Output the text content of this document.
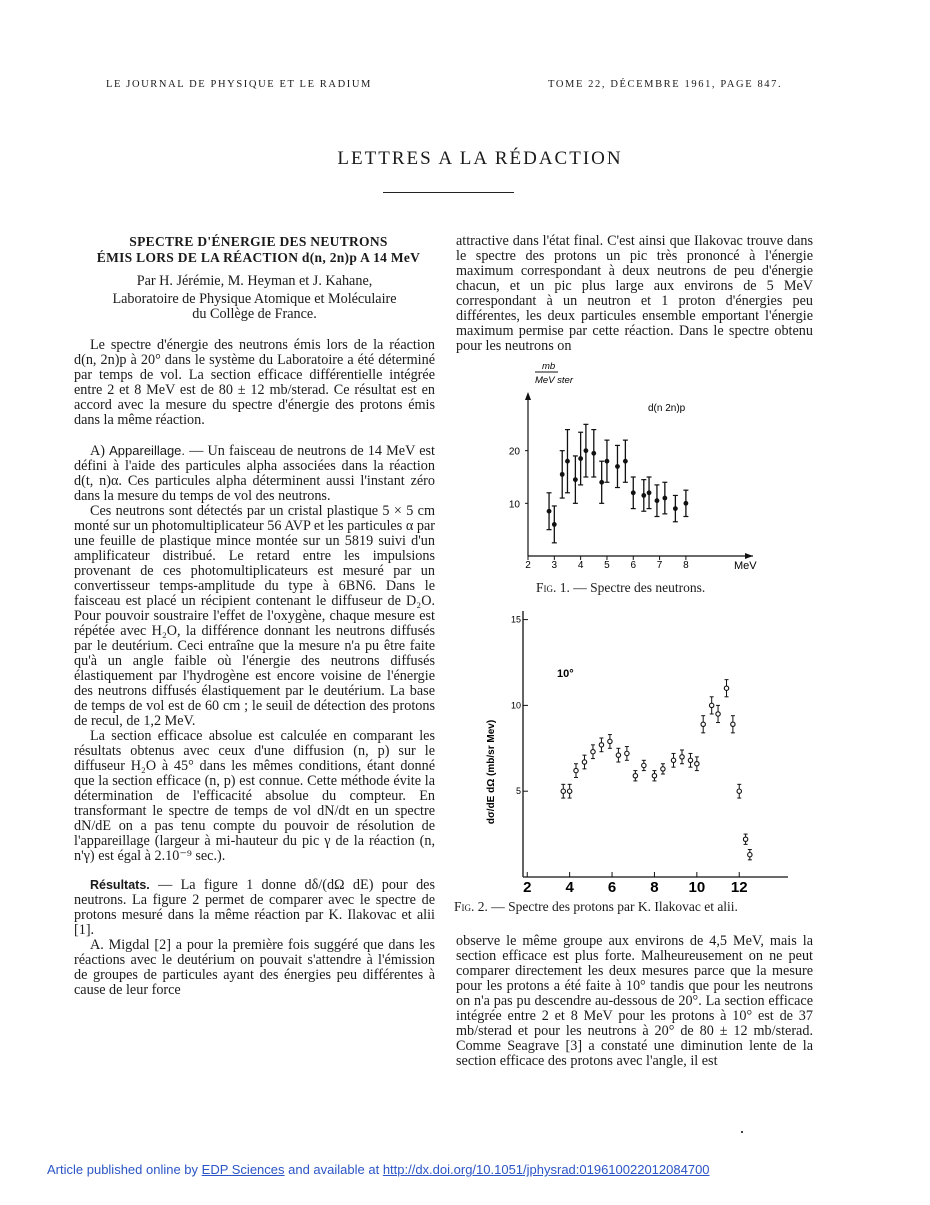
LE JOURNAL DE PHYSIQUE ET LE RADIUM	TOME 22, DÉCEMBRE 1961, PAGE 847.
LETTRES A LA RÉDACTION
SPECTRE D'ÉNERGIE DES NEUTRONS
ÉMIS LORS DE LA RÉACTION d(n, 2n)p A 14 MeV
Par H. Jérémie, M. Heyman et J. Kahane,
Laboratoire de Physique Atomique et Moléculaire
du Collège de France.
Le spectre d'énergie des neutrons émis lors de la réaction d(n, 2n)p à 20° dans le système du Laboratoire a été déterminé par temps de vol. La section efficace différentielle intégrée entre 2 et 8 MeV est de 80 ± 12 mb/sterad. Ce résultat est en accord avec la mesure du spectre d'énergie des protons émis dans la même réaction.
A) Appareillage. — Un faisceau de neutrons de 14 MeV est défini à l'aide des particules alpha associées dans la réaction d(t, n)α. Ces particules alpha déterminent aussi l'instant zéro dans la mesure du temps de vol des neutrons.
Ces neutrons sont détectés par un cristal plastique 5 × 5 cm monté sur un photomultiplicateur 56 AVP et les particules α par une feuille de plastique mince montée sur un 5819 suivi d'un amplificateur distribué. Le retard entre les impulsions provenant de ces photomultiplicateurs est mesuré par un convertisseur temps-amplitude du type à 6BN6. Dans le faisceau est placé un récipient contenant le diffuseur de D₂O. Pour pouvoir soustraire l'effet de l'oxygène, chaque mesure est répétée avec H₂O, la différence donnant les neutrons diffusés par le deutérium. Ceci entraîne que la mesure n'a pu être faite qu'à un angle faible où l'énergie des neutrons diffusés élastiquement par l'hydrogène est encore voisine de l'énergie des neutrons diffusés élastiquement par le deutérium. La base de temps de vol est de 60 cm ; le seuil de détection des protons de recul, de 1,2 MeV.
La section efficace absolue est calculée en comparant les résultats obtenus avec ceux d'une diffusion (n, p) sur le diffuseur H₂O à 45° dans les mêmes conditions, étant donné que la section efficace (n, p) est connue. Cette méthode évite la détermination de l'efficacité absolue du compteur. En transformant le spectre de temps de vol dN/dt en un spectre dN/dE on a pas tenu compte du pouvoir de résolution de l'appareillage (largeur à mi-hauteur du pic γ de la réaction (n, n'γ) est égal à 2.10⁻⁹ sec.).
Résultats. — La figure 1 donne dδ/(dΩ dE) pour des neutrons. La figure 2 permet de comparer avec le spectre de protons mesuré dans la même réaction par K. Ilakovac et alii [1].
A. Migdal [2] a pour la première fois suggéré que dans les réactions avec le deutérium on pouvait s'attendre à l'émission de groupes de particules ayant des énergies peu différentes à cause de leur force
attractive dans l'état final. C'est ainsi que Ilakovac trouve dans le spectre des protons un pic très prononcé à l'énergie maximum correspondant à deux neutrons de peu d'énergie chacun, et un pic plus large aux environs de 5 MeV correspondant à un neutron et 1 proton d'énergies peu différentes, les deux particules ensemble emportant l'énergie maximum permise par cette réaction. Dans le spectre obtenu pour les neutrons on
2 3 4 5 6 7 8
10
20
mb
MeV ster
d(n 2n)p
MeV
Fig. 1. — Spectre des neutrons.
2 4 6 8 10 12
5
10
15
dσ/dE dΩ (mb/sr Mev)
10°
Fig. 2. — Spectre des protons par K. Ilakovac et alii.
observe le même groupe aux environs de 4,5 MeV, mais la section efficace est plus forte. Malheureusement on ne peut comparer directement les deux mesures parce que la mesure pour les protons a été faite à 10° tandis que pour les neutrons on n'a pas pu descendre au-dessous de 20°. La section efficace intégrée entre 2 et 8 MeV pour les protons à 10° est de 37 mb/sterad et pour les neutrons à 20° de 80 ± 12 mb/sterad. Comme Seagrave [3] a constaté une diminution lente de la section efficace des protons avec l'angle, il est
Article published online by EDP Sciences and available at http://dx.doi.org/10.1051/jphysrad:019610022012084700
